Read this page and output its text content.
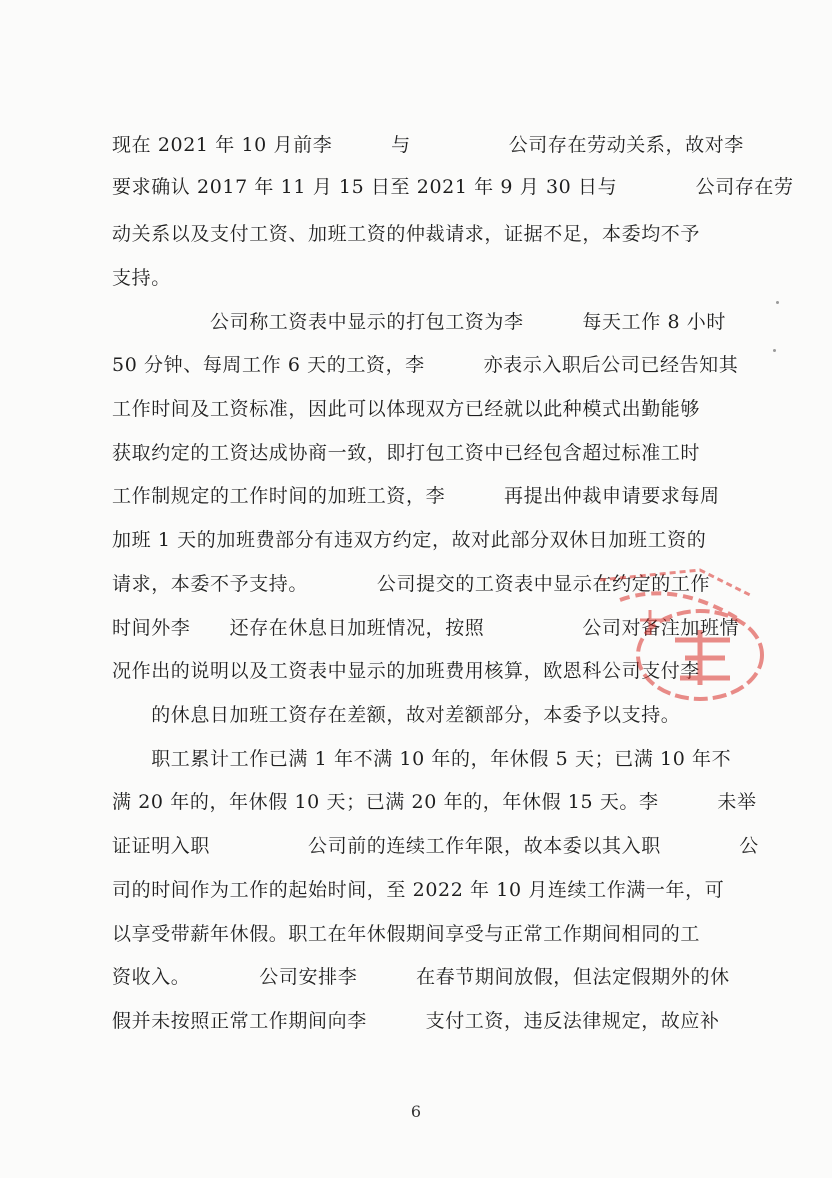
现在 2021 年 10 月前李　　　与　　　　　公司存在劳动关系，故对李
要求确认 2017 年 11 月 15 日至 2021 年 9 月 30 日与　　　　公司存在劳
动关系以及支付工资、加班工资的仲裁请求，证据不足，本委均不予
支持。
　　　　　公司称工资表中显示的打包工资为李　　　每天工作 8 小时
50 分钟、每周工作 6 天的工资，李　　　亦表示入职后公司已经告知其
工作时间及工资标准，因此可以体现双方已经就以此种模式出勤能够
获取约定的工资达成协商一致，即打包工资中已经包含超过标准工时
工作制规定的工作时间的加班工资，李　　　再提出仲裁申请要求每周
加班 1 天的加班费部分有违双方约定，故对此部分双休日加班工资的
请求，本委不予支持。　　　　公司提交的工资表中显示在约定的工作
时间外李　　还存在休息日加班情况，按照　　　　　公司对备注加班情
况作出的说明以及工资表中显示的加班费用核算，欧恩科公司支付李
　　的休息日加班工资存在差额，故对差额部分，本委予以支持。
　　职工累计工作已满 1 年不满 10 年的，年休假 5 天；已满 10 年不
满 20 年的，年休假 10 天；已满 20 年的，年休假 15 天。李　　　未举
证证明入职　　　　　公司前的连续工作年限，故本委以其入职　　　　公
司的时间作为工作的起始时间，至 2022 年 10 月连续工作满一年，可
以享受带薪年休假。职工在年休假期间享受与正常工作期间相同的工
资收入。　　　　公司安排李　　　在春节期间放假，但法定假期外的休
假并未按照正常工作期间向李　　　支付工资，违反法律规定，故应补
6
